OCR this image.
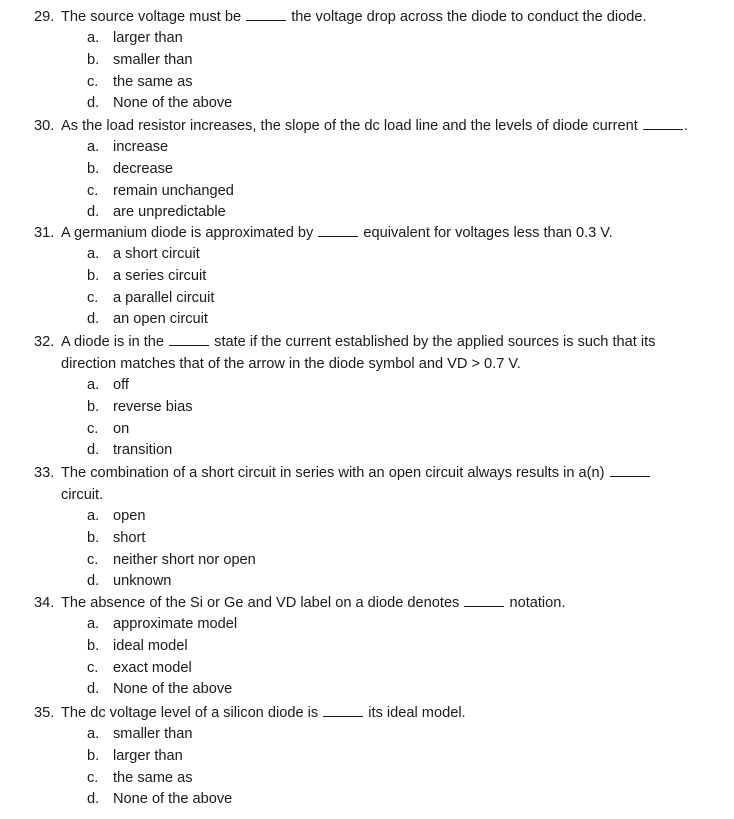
29. The source voltage must be	the voltage drop across the diode to conduct the diode.
a. larger than
b. smaller than
c. the same as
d. None of the above
30. As the load resistor increases, the slope of the dc load line and the levels of diode current	.
a. increase
b. decrease
c. remain unchanged
d. are unpredictable
31. A germanium diode is approximated by	equivalent for voltages less than 0.3 V.
a. a short circuit
b. a series circuit
c. a parallel circuit
d. an open circuit
32. A diode is in the	state if the current established by the applied sources is such that its
direction matches that of the arrow in the diode symbol and VD > 0.7 V.
a. off
b. reverse bias
c. on
d. transition
33. The combination of a short circuit in series with an open circuit always results in a(n)
circuit.
a. open
b. short
c. neither short nor open
d. unknown
34. The absence of the Si or Ge and VD label on a diode denotes	notation.
a. approximate model
b. ideal model
c. exact model
d. None of the above
35. The dc voltage level of a silicon diode is	its ideal model.
a. smaller than
b. larger than
c. the same as
d. None of the above
